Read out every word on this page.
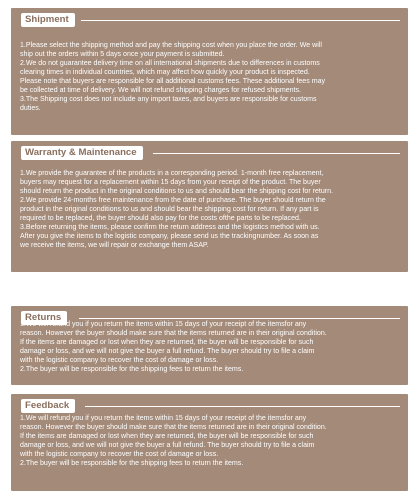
Shipment
1.Please select the shipping method and pay the shipping cost when you place the order. We will
ship out the orders within 5 days once your payment is submitted.
2.We do not guarantee delivery time on all international shipments due to differences in customs
clearing times in individual countries, which may affect how quickly your product is inspected.
Please note that buyers are responsible for all additional customs fees. These additional fees may
be collected at time of delivery. We will not refund shipping charges for refused shipments.
3.The Shipping cost does not include any import taxes, and buyers are responsible for customs
duties.
Warranty & Maintenance
1.We provide the guarantee of the products in a corresponding period. 1-month free replacement,
buyers may request for a replacement within 15 days from your receipt of the product. The buyer
should return the product in the original conditions to us and should bear the shipping cost for return.
2.We provide 24-months free maintenance from the date of purchase. The buyer should return the
product in the original conditions to us and should bear the shipping cost for return. If any part is
required to be replaced, the buyer should also pay for the costs ofthe parts to be replaced.
3.Before returning the items, please confirm the return address and the logistics method with us.
After you give the items to the logistic company, please send us the trackingnumber. As soon as
we receive the items, we will repair or exchange them ASAP.
Returns
1.We will refund you if you return the items within 15 days of your receipt of the itemsfor any
reason. However the buyer should make sure that the items returned are in their original condition.
If the items are damaged or lost when they are returned, the buyer will be responsible for such
damage or loss, and we will not give the buyer a full refund. The buyer should try to file a claim
with the logistic company to recover the cost of damage or loss.
2.The buyer will be responsible for the shipping fees to return the items.
Feedback
1.We will refund you if you return the items within 15 days of your receipt of the itemsfor any
reason. However the buyer should make sure that the items returned are in their original condition.
If the items are damaged or lost when they are returned, the buyer will be responsible for such
damage or loss, and we will not give the buyer a full refund. The buyer should try to file a claim
with the logistic company to recover the cost of damage or loss.
2.The buyer will be responsible for the shipping fees to return the items.
